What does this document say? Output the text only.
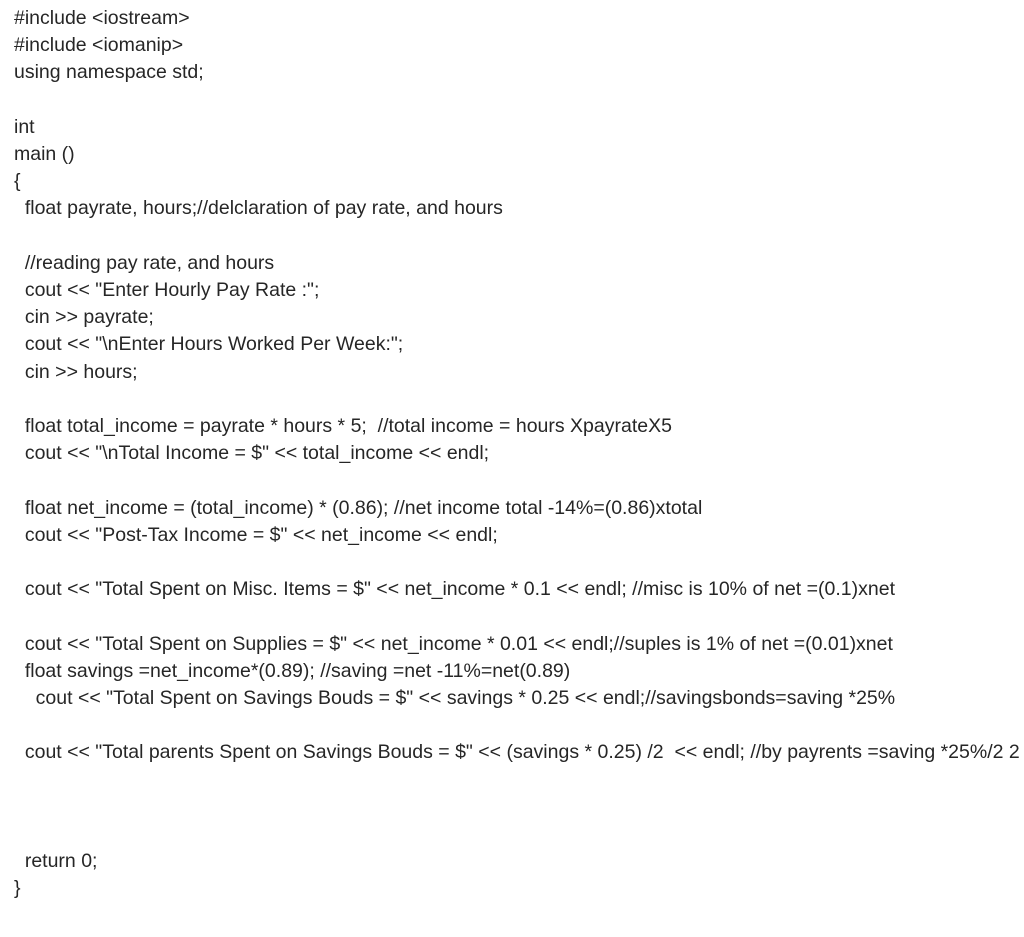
#include <iostream>
#include <iomanip>
using namespace std;
int
main ()
{
float payrate, hours;//delclaration of pay rate, and hours
//reading pay rate, and hours
cout << "Enter Hourly Pay Rate :";
cin >> payrate;
cout << "\nEnter Hours Worked Per Week:";
cin >> hours;
float total_income = payrate * hours * 5;  //total income = hours XpayrateX5
cout << "\nTotal Income = $" << total_income << endl;
float net_income = (total_income) * (0.86); //net income total -14%=(0.86)xtotal
cout << "Post-Tax Income = $" << net_income << endl;
cout << "Total Spent on Misc. Items = $" << net_income * 0.1 << endl; //misc is 10% of net =(0.1)xnet
cout << "Total Spent on Supplies = $" << net_income * 0.01 << endl;//suples is 1% of net =(0.01)xnet
float savings =net_income*(0.89); //saving =net -11%=net(0.89)
cout << "Total Spent on Savings Bouds = $" << savings * 0.25 << endl;//savingsbonds=saving *25%
cout << "Total parents Spent on Savings Bouds = $" << (savings * 0.25) /2  << endl; //by payrents =saving *25%/2 2
return 0;
}
